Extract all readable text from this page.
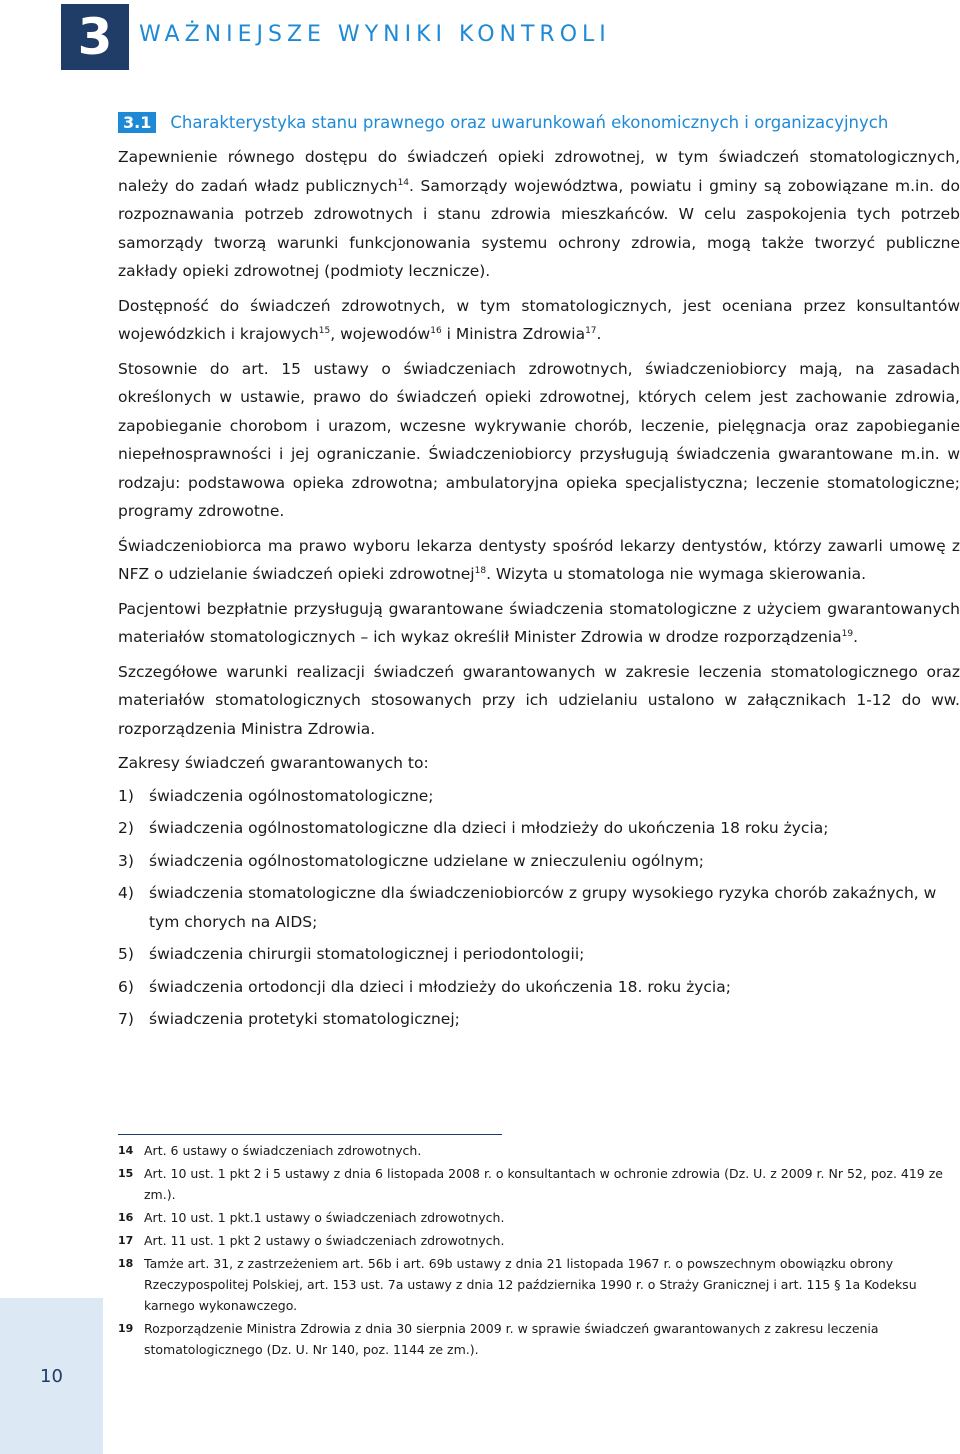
3	WAŻNIEJSZE WYNIKI KONTROLI
3.1	Charakterystyka stanu prawnego oraz uwarunkowań ekonomicznych i organizacyjnych

Zapewnienie równego dostępu do świadczeń opieki zdrowotnej, w tym świadczeń stomatologicznych, należy do zadań władz publicznych$^{14}$. Samorządy województwa, powiatu i gminy są zobowiązane m.in. do rozpoznawania potrzeb zdrowotnych i stanu zdrowia mieszkańców. W celu zaspokojenia tych potrzeb samorządy tworzą warunki funkcjonowania systemu ochrony zdrowia, mogą także tworzyć publiczne zakłady opieki zdrowotnej (podmioty lecznicze).

Dostępność do świadczeń zdrowotnych, w tym stomatologicznych, jest oceniana przez konsultantów wojewódzkich i krajowych$^{15}$, wojewodów$^{16}$ i Ministra Zdrowia$^{17}$.

Stosownie do art. 15 ustawy o świadczeniach zdrowotnych, świadczeniobiorcy mają, na zasadach określonych w ustawie, prawo do świadczeń opieki zdrowotnej, których celem jest zachowanie zdrowia, zapobieganie chorobom i urazom, wczesne wykrywanie chorób, leczenie, pielęgnacja oraz zapobieganie niepełnosprawności i jej ograniczanie. Świadczeniobiorcy przysługują świadczenia gwarantowane m.in. w rodzaju: podstawowa opieka zdrowotna; ambulatoryjna opieka specjalistyczna; leczenie stomatologiczne; programy zdrowotne.

Świadczeniobiorca ma prawo wyboru lekarza dentysty spośród lekarzy dentystów, którzy zawarli umowę z NFZ o udzielanie świadczeń opieki zdrowotnej$^{18}$. Wizyta u stomatologa nie wymaga skierowania.

Pacjentowi bezpłatnie przysługują gwarantowane świadczenia stomatologiczne z użyciem gwarantowanych materiałów stomatologicznych – ich wykaz określił Minister Zdrowia w drodze rozporządzenia$^{19}$.

Szczegółowe warunki realizacji świadczeń gwarantowanych w zakresie leczenia stomatologicznego oraz materiałów stomatologicznych stosowanych przy ich udzielaniu ustalono w załącznikach 1-12 do ww. rozporządzenia Ministra Zdrowia.

Zakresy świadczeń gwarantowanych to:

1) świadczenia ogólnostomatologiczne;
2) świadczenia ogólnostomatologiczne dla dzieci i młodzieży do ukończenia 18 roku życia;
3) świadczenia ogólnostomatologiczne udzielane w znieczuleniu ogólnym;
4) świadczenia stomatologiczne dla świadczeniobiorców z grupy wysokiego ryzyka chorób zakaźnych, w tym chorych na AIDS;
5) świadczenia chirurgii stomatologicznej i periodontologii;
6) świadczenia ortodoncji dla dzieci i młodzieży do ukończenia 18. roku życia;
7) świadczenia protetyki stomatologicznej;
14 Art. 6 ustawy o świadczeniach zdrowotnych.
15 Art. 10 ust. 1 pkt 2 i 5 ustawy z dnia 6 listopada 2008 r. o konsultantach w ochronie zdrowia (Dz. U. z 2009 r. Nr 52, poz. 419 ze zm.).
16 Art. 10 ust. 1 pkt.1 ustawy o świadczeniach zdrowotnych.
17 Art. 11 ust. 1 pkt 2 ustawy o świadczeniach zdrowotnych.
18 Tamże art. 31, z zastrzeżeniem art. 56b i art. 69b ustawy z dnia 21 listopada 1967 r. o powszechnym obowiązku obrony Rzeczypospolitej Polskiej, art. 153 ust. 7a ustawy z dnia 12 października 1990 r. o Straży Granicznej i art. 115 § 1a Kodeksu karnego wykonawczego.
19 Rozporządzenie Ministra Zdrowia z dnia 30 sierpnia 2009 r. w sprawie świadczeń gwarantowanych z zakresu leczenia stomatologicznego (Dz. U. Nr 140, poz. 1144 ze zm.).
10
